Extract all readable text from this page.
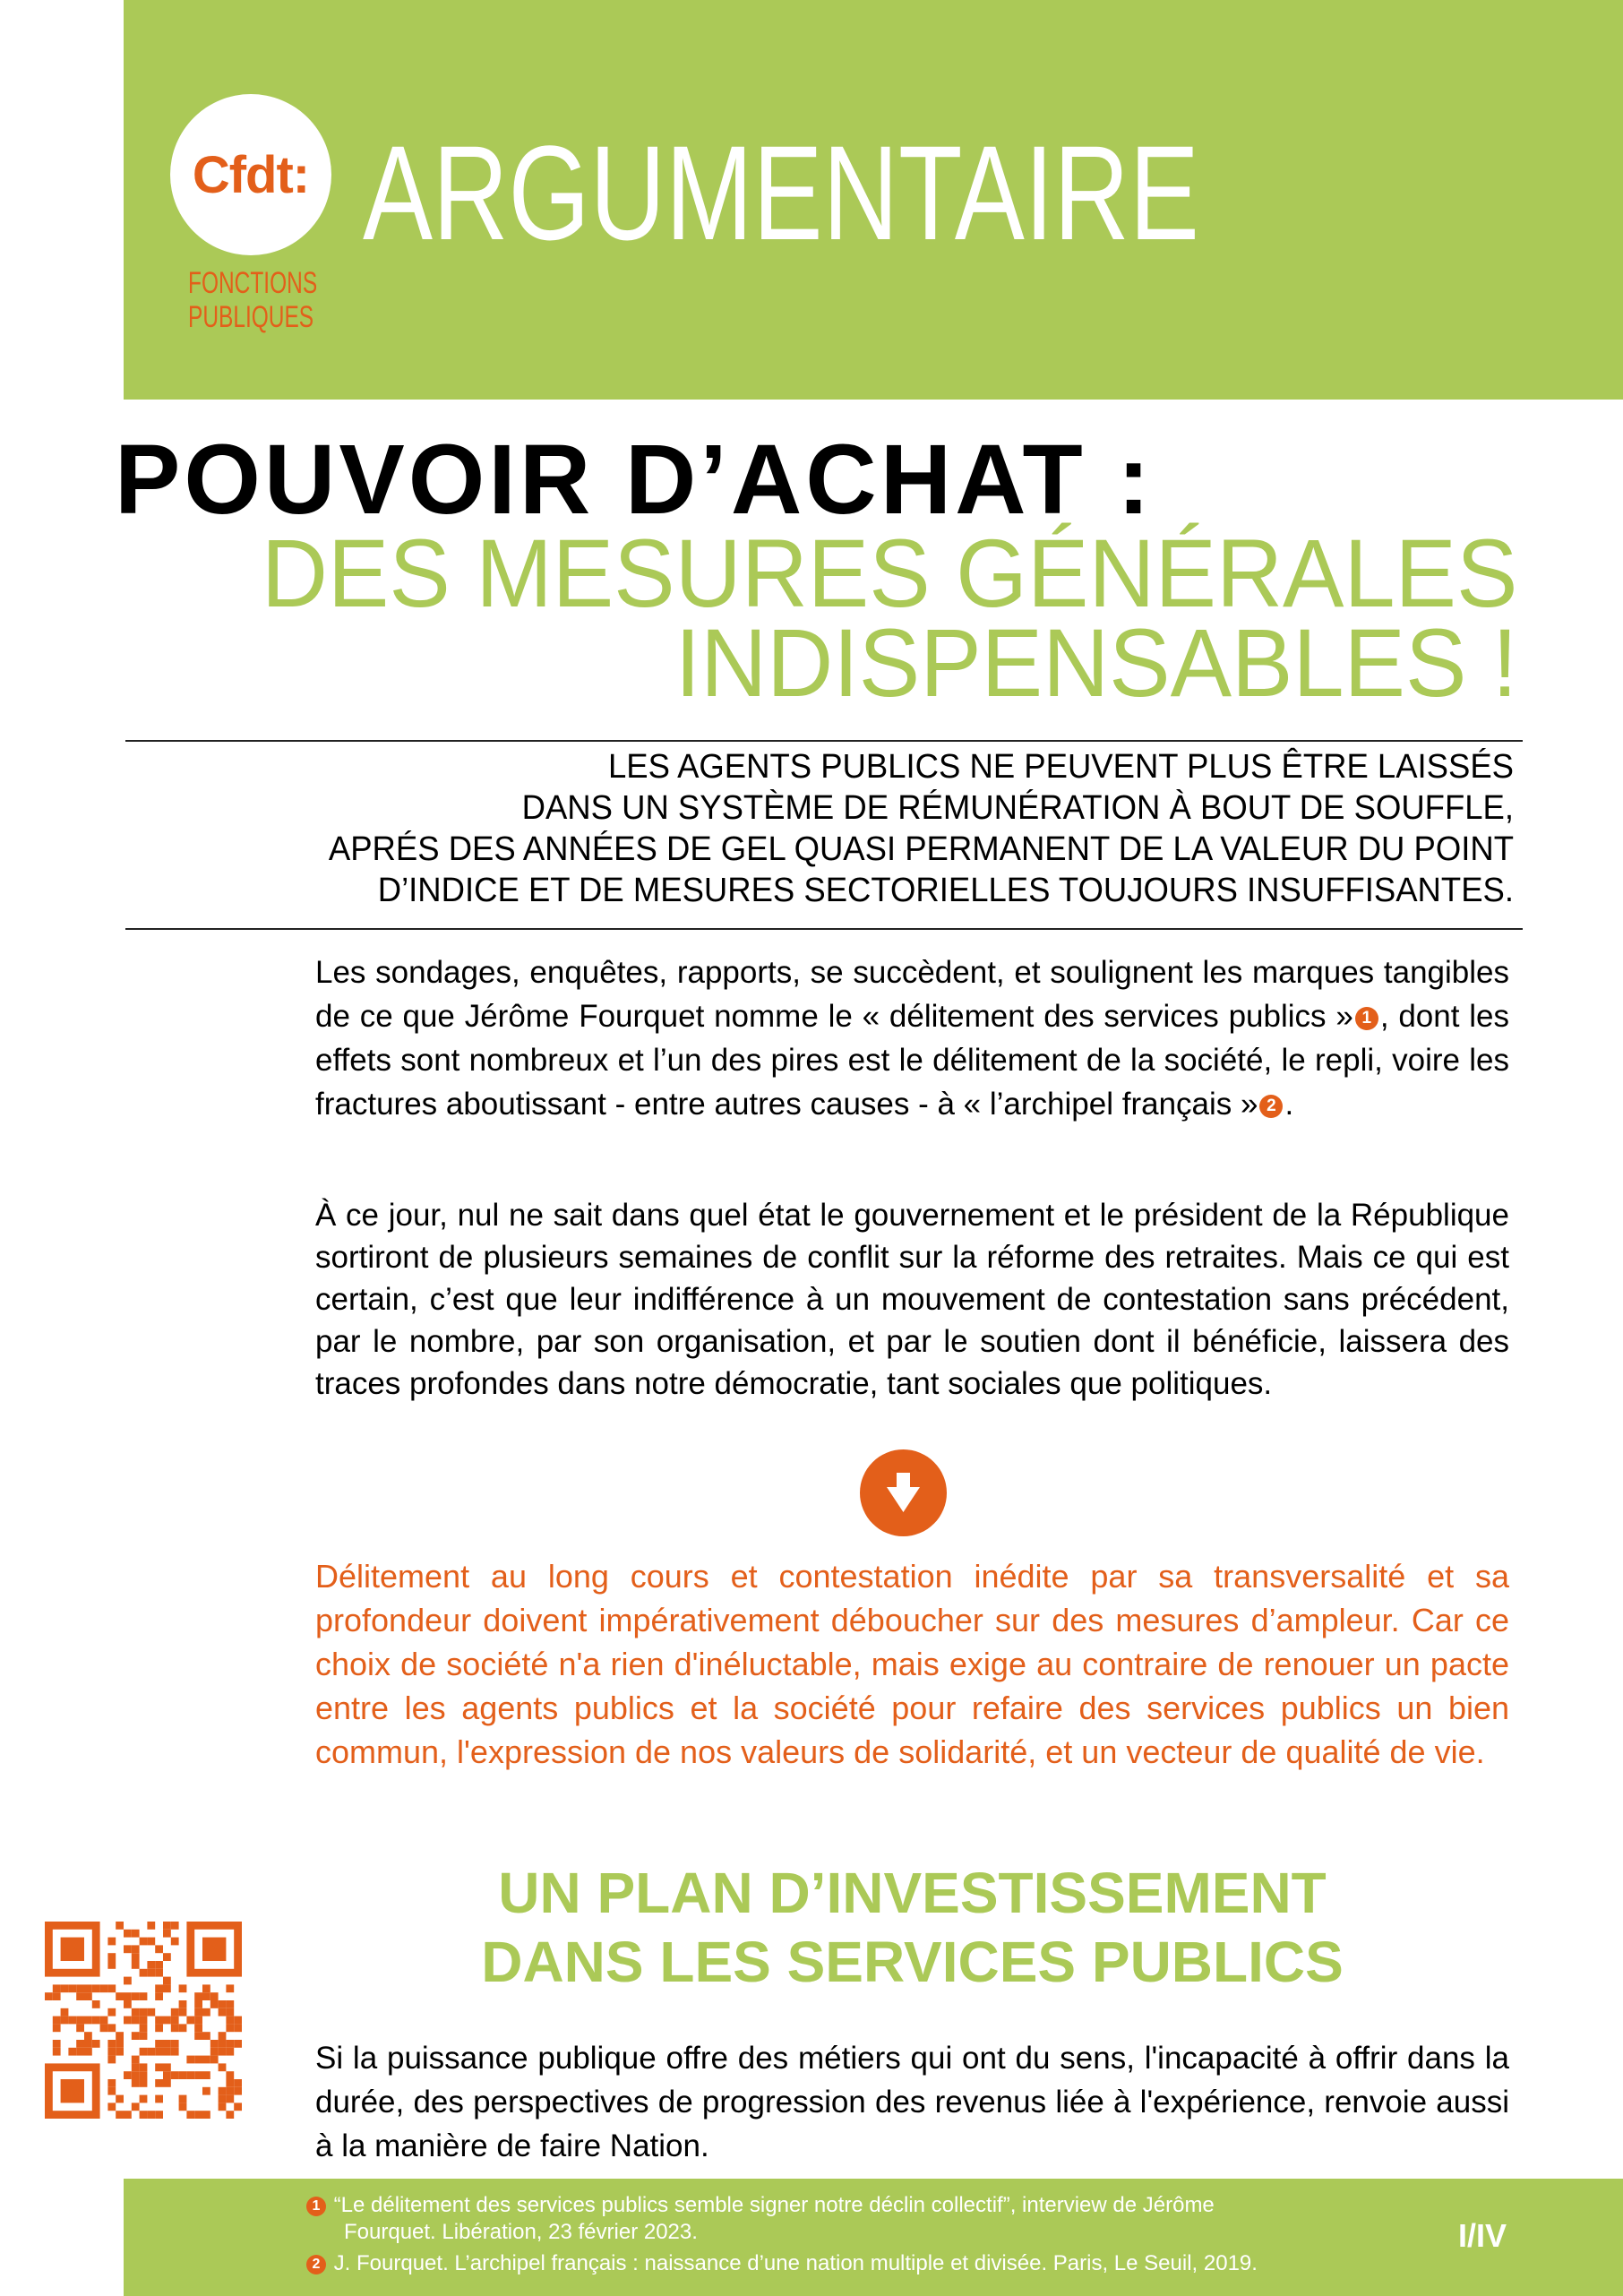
Cfdt:
FONCTIONS
PUBLIQUES
ARGUMENTAIRE
POUVOIR D’ACHAT :
DES MESURES GÉNÉRALES
INDISPENSABLES !
LES AGENTS PUBLICS NE PEUVENT PLUS ÊTRE LAISSÉS
DANS UN SYSTÈME DE RÉMUNÉRATION À BOUT DE SOUFFLE,
APRÉS DES ANNÉES DE GEL QUASI PERMANENT DE LA VALEUR DU POINT
D’INDICE ET DE MESURES SECTORIELLES TOUJOURS INSUFFISANTES.

Les sondages, enquêtes, rapports, se succèdent, et soulignent les marques tangibles de ce que Jérôme Fourquet nomme le « délitement des services publics » 1 , dont les effets sont nombreux et l’un des pires est le délitement de la société, le repli, voire les fractures aboutissant - entre autres causes - à « l’archipel français » 2 .

À ce jour, nul ne sait dans quel état le gouvernement et le président de la République sortiront de plusieurs semaines de conflit sur la réforme des retraites. Mais ce qui est certain, c’est que leur indifférence à un mouvement de contestation sans précédent, par le nombre, par son organisation, et par le soutien dont il bénéficie, laissera des traces profondes dans notre démocratie, tant sociales que politiques.

Délitement au long cours et contestation inédite par sa transversalité et sa profondeur doivent impérativement déboucher sur des mesures d’ampleur. Car ce choix de société n'a rien d'inéluctable, mais exige au contraire de renouer un pacte entre les agents publics et la société pour refaire des services publics un bien commun, l'expression de nos valeurs de solidarité, et un vecteur de qualité de vie.

UN PLAN D’INVESTISSEMENT
DANS LES SERVICES PUBLICS

Si la puissance publique offre des métiers qui ont du sens, l'incapacité à offrir dans la durée, des perspectives de progression des revenus liée à l'expérience, renvoie aussi à la manière de faire Nation.

1 “Le délitement des services publics semble signer notre déclin collectif”, interview de Jérôme
Fourquet. Libération, 23 février 2023.
2 J. Fourquet. L’archipel français : naissance d’une nation multiple et divisée. Paris, Le Seuil, 2019.
I/IV
